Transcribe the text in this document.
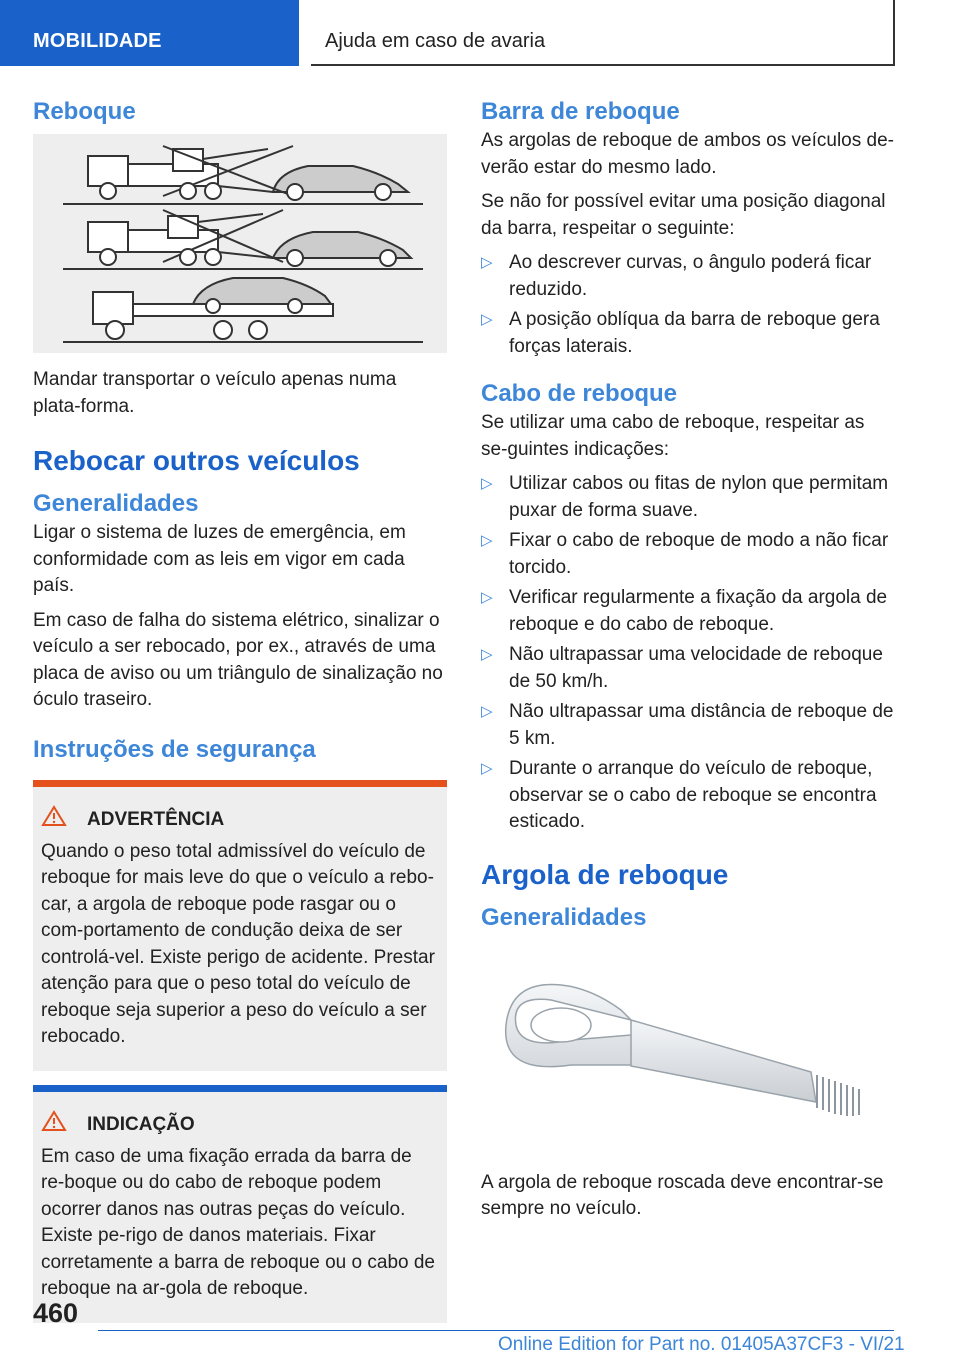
MOBILIDADE	Ajuda em caso de avaria
Reboque

Mandar transportar o veículo apenas numa plata-forma.

Rebocar outros veículos
Generalidades

Ligar o sistema de luzes de emergência, em conformidade com as leis em vigor em cada país.

Em caso de falha do sistema elétrico, sinalizar o veículo a ser rebocado, por ex., através de uma placa de aviso ou um triângulo de sinalização no óculo traseiro.

Instruções de segurança
ADVERTÊNCIA

Quando o peso total admissível do veículo de reboque for mais leve do que o veículo a rebo-car, a argola de reboque pode rasgar ou o com-portamento de condução deixa de ser controlá-vel. Existe perigo de acidente. Prestar atenção para que o peso total do veículo de reboque seja superior a peso do veículo a ser rebocado.

INDICAÇÃO

Em caso de uma fixação errada da barra de re-boque ou do cabo de reboque podem ocorrer danos nas outras peças do veículo. Existe pe-rigo de danos materiais. Fixar corretamente a barra de reboque ou o cabo de reboque na ar-gola de reboque.

Barra de reboque

As argolas de reboque de ambos os veículos de-verão estar do mesmo lado.

Se não for possível evitar uma posição diagonal da barra, respeitar o seguinte:

▷ Ao descrever curvas, o ângulo poderá ficar reduzido.
▷ A posição oblíqua da barra de reboque gera forças laterais.
Cabo de reboque

Se utilizar uma cabo de reboque, respeitar as se-guintes indicações:

▷ Utilizar cabos ou fitas de nylon que permitam puxar de forma suave.
▷ Fixar o cabo de reboque de modo a não ficar torcido.
▷ Verificar regularmente a fixação da argola de reboque e do cabo de reboque.
▷ Não ultrapassar uma velocidade de reboque de 50 km/h.
▷ Não ultrapassar uma distância de reboque de 5 km.
▷ Durante o arranque do veículo de reboque, observar se o cabo de reboque se encontra esticado.
Argola de reboque
Generalidades

A argola de reboque roscada deve encontrar-se sempre no veículo.

460
Online Edition for Part no. 01405A37CF3 - VI/21
